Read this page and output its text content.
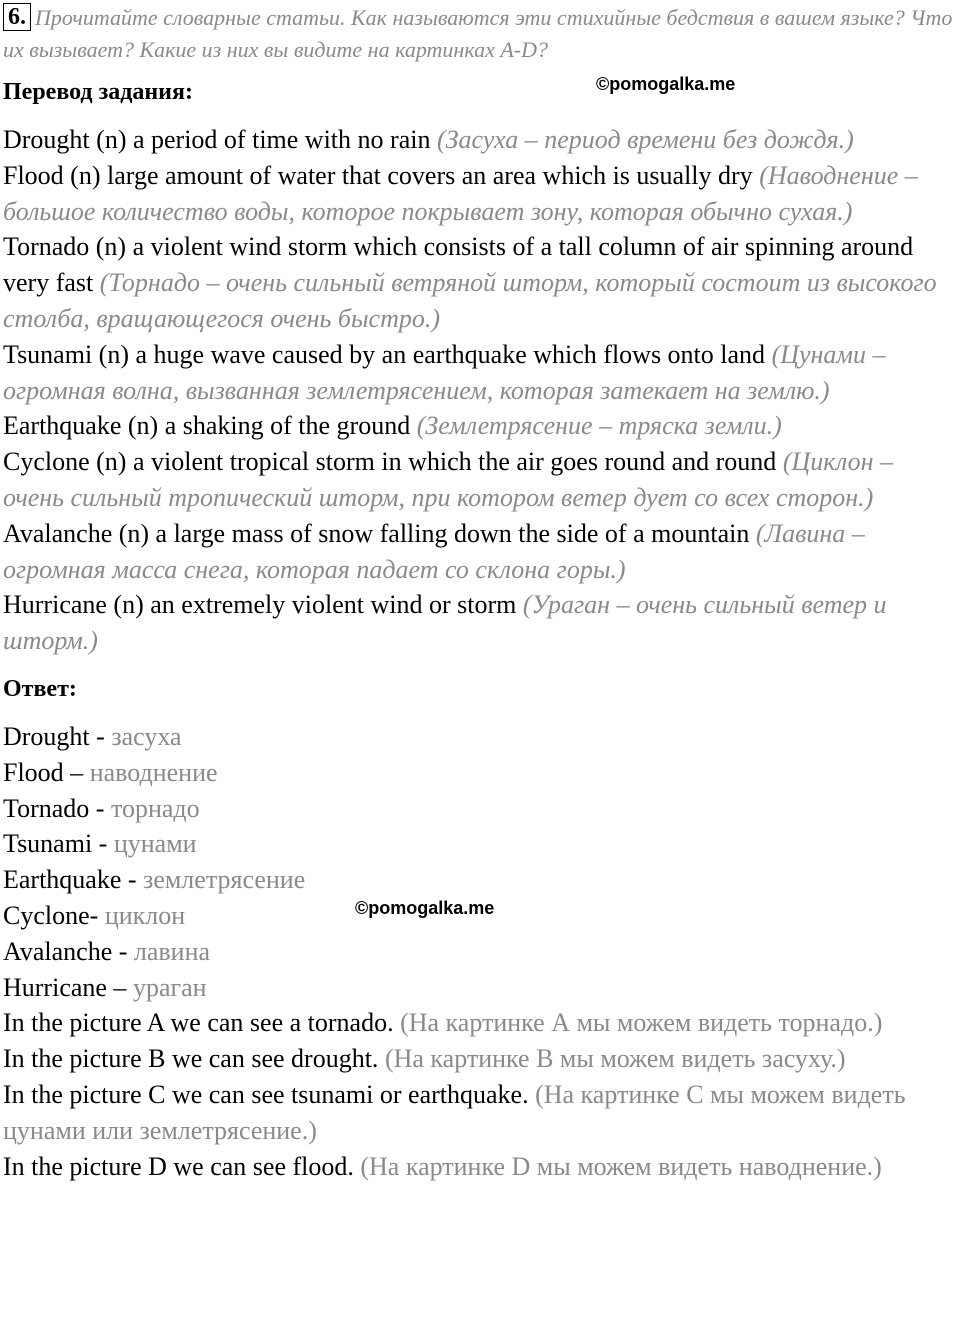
6. Прочитайте словарные статьи. Как называются эти стихийные бедствия в вашем языке? Что их вызывает? Какие из них вы видите на картинках A-D?
©pomogalka.me
Перевод задания:
Drought (n) a period of time with no rain (Засуха – период времени без дождя.)
Flood (n) large amount of water that covers an area which is usually dry (Наводнение – большое количество воды, которое покрывает зону, которая обычно сухая.)
Tornado (n) a violent wind storm which consists of a tall column of air spinning around very fast (Торнадо – очень сильный ветряной шторм, который состоит из высокого столба, вращающегося очень быстро.)
Tsunami (n) a huge wave caused by an earthquake which flows onto land (Цунами – огромная волна, вызванная землетрясением, которая затекает на землю.)
Earthquake (n) a shaking of the ground (Землетрясение – тряска земли.)
Cyclone (n) a violent tropical storm in which the air goes round and round (Циклон – очень сильный тропический шторм, при котором ветер дует со всех сторон.)
Avalanche (n) a large mass of snow falling down the side of a mountain (Лавина – огромная масса снега, которая падает со склона горы.)
Hurricane (n) an extremely violent wind or storm (Ураган – очень сильный ветер и шторм.)
Ответ:
Drought - засуха
Flood – наводнение
Tornado - торнадо
Tsunami - цунами
Earthquake - землетрясение
Cyclone- циклон
Avalanche - лавина
Hurricane – ураган
©pomogalka.me
In the picture A we can see a tornado. (На картинке А мы можем видеть торнадо.)
In the picture B we can see drought. (На картинке В мы можем видеть засуху.)
In the picture C we can see tsunami or earthquake. (На картинке С мы можем видеть цунами или землетрясение.)
In the picture D we can see flood. (На картинке D мы можем видеть наводнение.)
